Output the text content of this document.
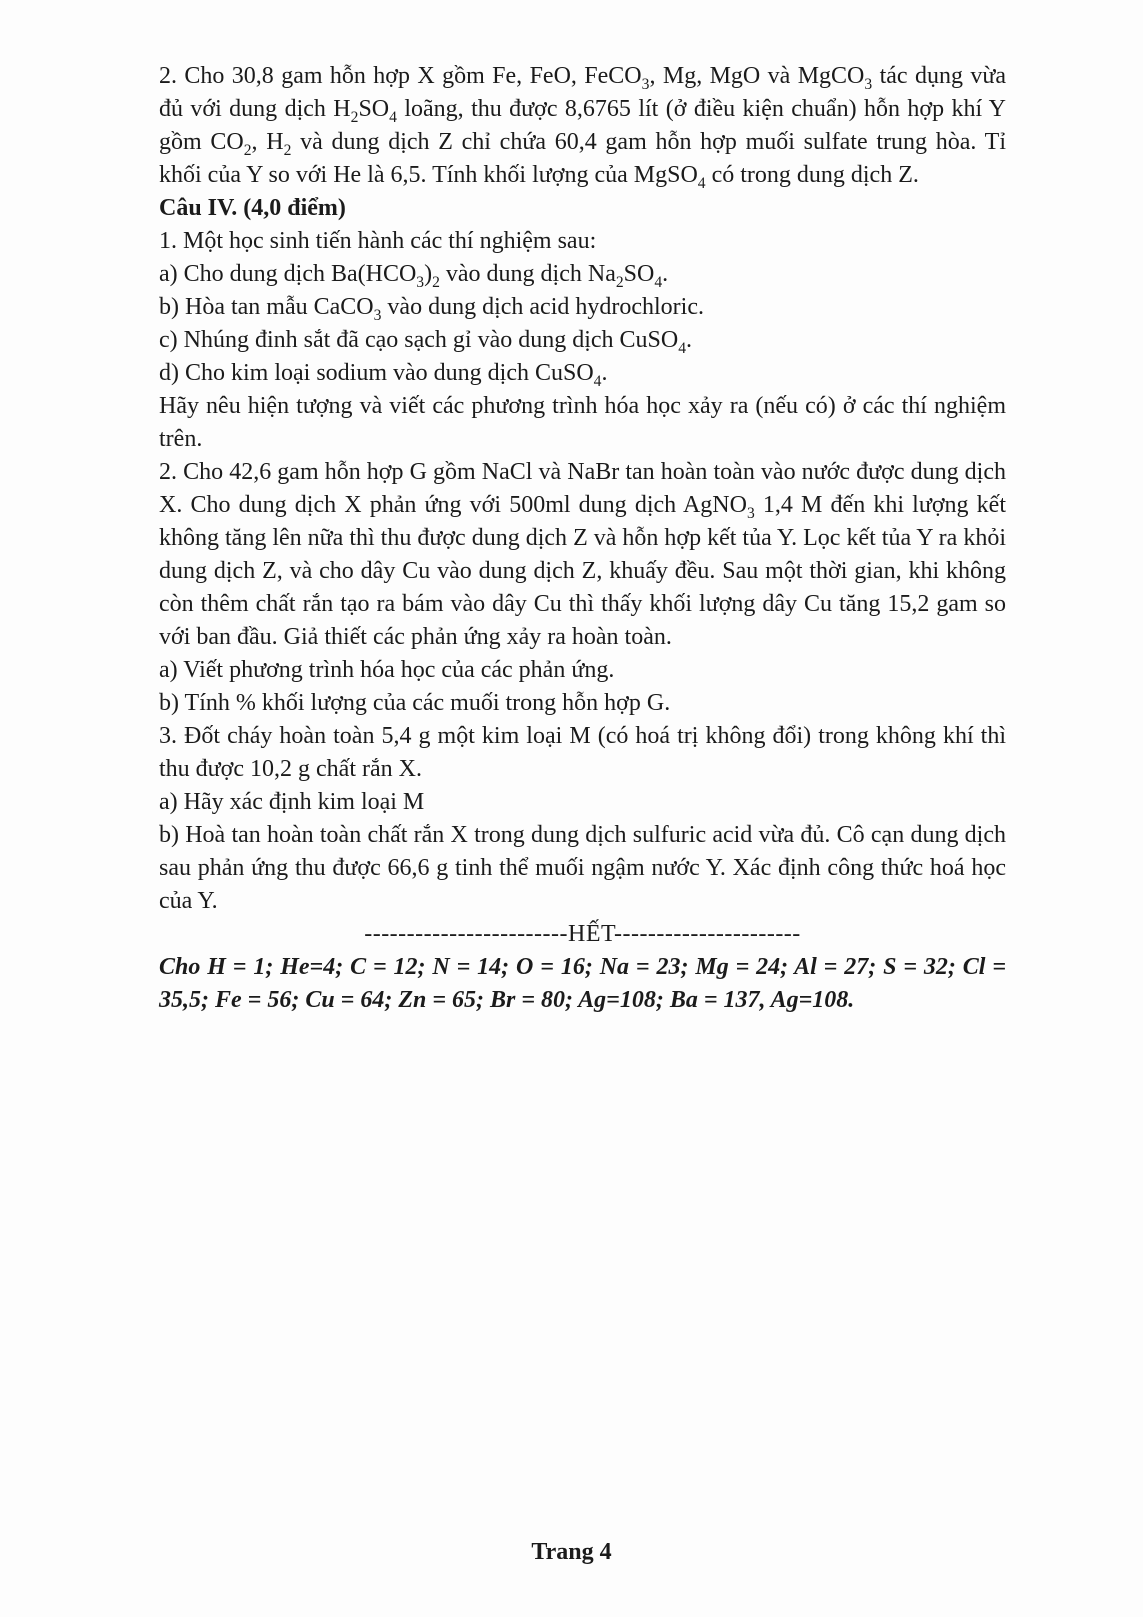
2. Cho 30,8 gam hỗn hợp X gồm Fe, FeO, FeCO$_3$, Mg, MgO và MgCO$_3$ tác dụng vừa đủ với dung dịch $H_2SO_4$ loãng, thu được 8,6765 lít (ở điều kiện chuẩn) hỗn hợp khí Y gồm $CO_2$, $H_2$ và dung dịch Z chỉ chứa 60,4 gam hỗn hợp muối sulfate trung hòa. Tỉ khối của Y so với He là 6,5. Tính khối lượng của MgSO$_4$ có trong dung dịch Z.

Câu IV. (4,0 điểm)

1. Một học sinh tiến hành các thí nghiệm sau:

a) Cho dung dịch $Ba(HCO_3)_2$ vào dung dịch $Na_2SO_4$.

b) Hòa tan mẫu CaCO$_3$ vào dung dịch acid hydrochloric.

c) Nhúng đinh sắt đã cạo sạch gỉ vào dung dịch CuSO$_4$.

d) Cho kim loại sodium vào dung dịch CuSO$_4$.

Hãy nêu hiện tượng và viết các phương trình hóa học xảy ra (nếu có) ở các thí nghiệm trên.

2. Cho 42,6 gam hỗn hợp G gồm NaCl và NaBr tan hoàn toàn vào nước được dung dịch X. Cho dung dịch X phản ứng với 500ml dung dịch AgNO$_3$ 1,4 M đến khi lượng kết không tăng lên nữa thì thu được dung dịch Z và hỗn hợp kết tủa Y. Lọc kết tủa Y ra khỏi dung dịch Z, và cho dây Cu vào dung dịch Z, khuấy đều. Sau một thời gian, khi không còn thêm chất rắn tạo ra bám vào dây Cu thì thấy khối lượng dây Cu tăng 15,2 gam so với ban đầu. Giả thiết các phản ứng xảy ra hoàn toàn.

a) Viết phương trình hóa học của các phản ứng.

b) Tính % khối lượng của các muối trong hỗn hợp G.

3. Đốt cháy hoàn toàn 5,4 g một kim loại M (có hoá trị không đổi) trong không khí thì thu được 10,2 g chất rắn X.

a) Hãy xác định kim loại M

b) Hoà tan hoàn toàn chất rắn X trong dung dịch sulfuric acid vừa đủ. Cô cạn dung dịch sau phản ứng thu được 66,6 g tinh thể muối ngậm nước Y. Xác định công thức hoá học của Y.

------------------------HẾT----------------------

Cho H = 1; He=4; C = 12; N = 14; O = 16; Na = 23; Mg = 24; Al = 27; S = 32; Cl = 35,5; Fe = 56; Cu = 64; Zn = 65; Br = 80; Ag=108; Ba = 137, Ag=108.

Trang 4
